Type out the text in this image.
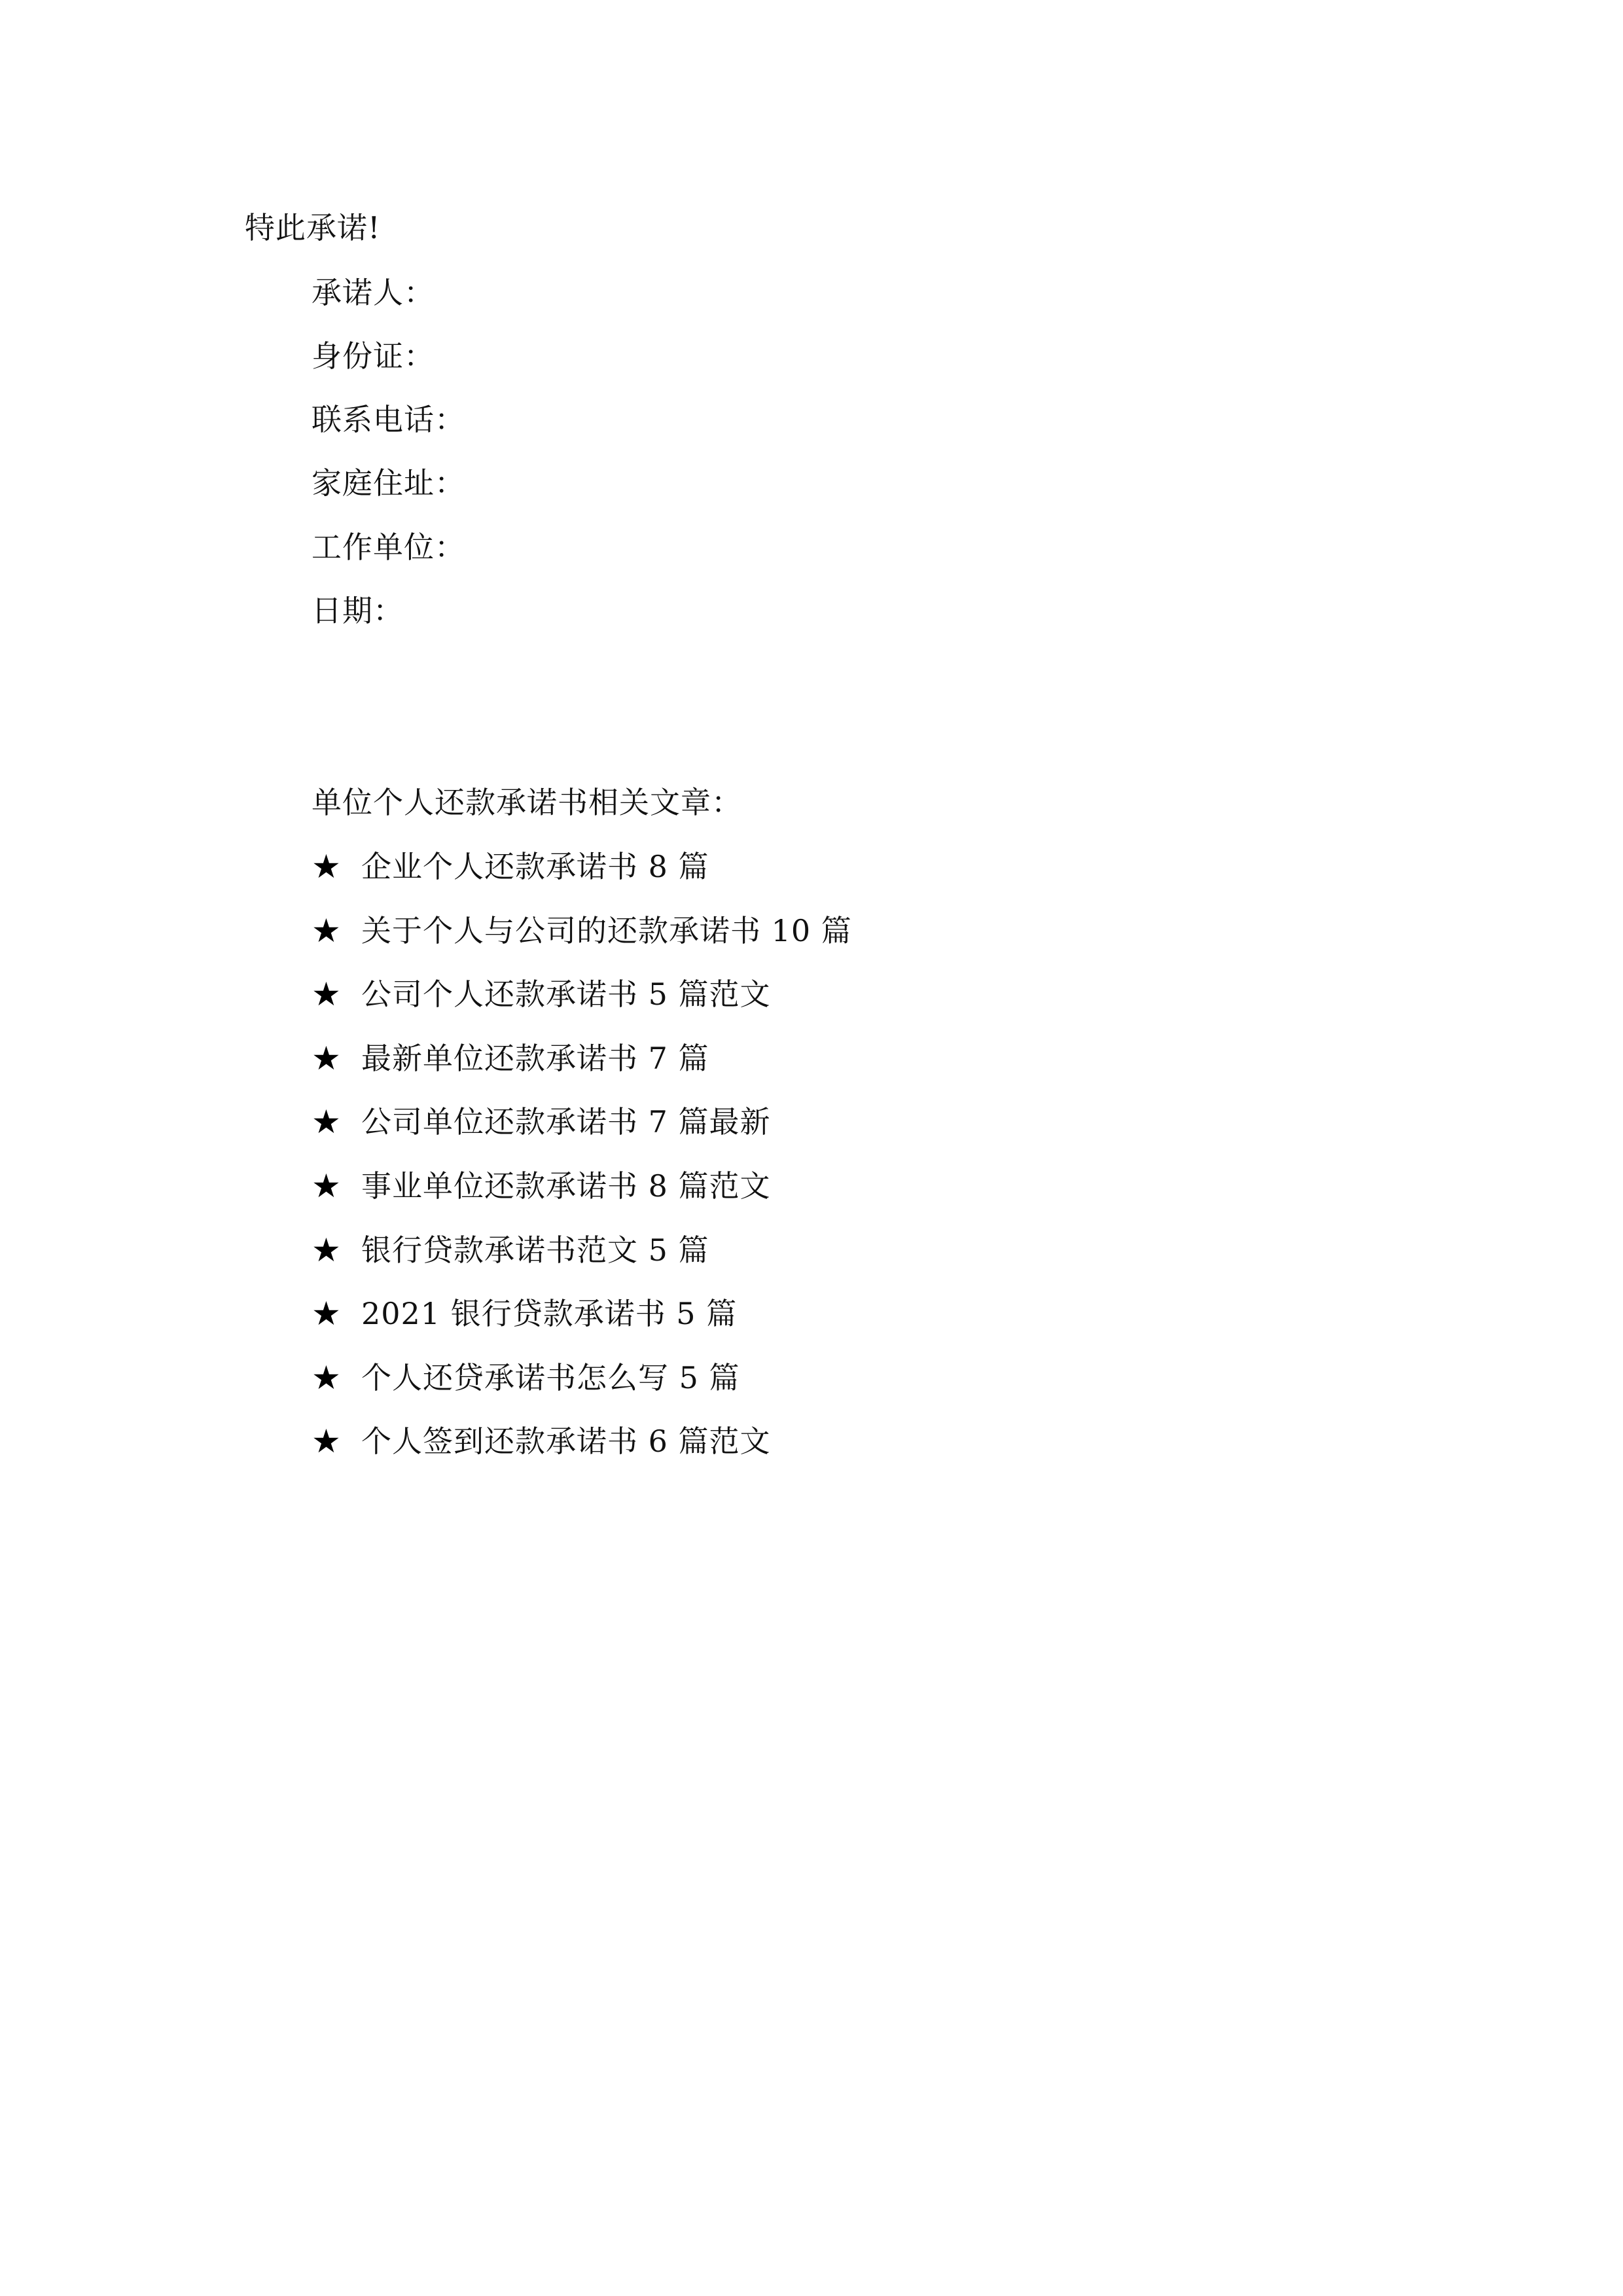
特此承诺!
承诺人：
身份证：
联系电话：
家庭住址：
工作单位：
日期：
单位个人还款承诺书相关文章：
★ 企业个人还款承诺书 8 篇
★ 关于个人与公司的还款承诺书 10 篇
★ 公司个人还款承诺书 5 篇范文
★ 最新单位还款承诺书 7 篇
★ 公司单位还款承诺书 7 篇最新
★ 事业单位还款承诺书 8 篇范文
★ 银行贷款承诺书范文 5 篇
★ 2021 银行贷款承诺书 5 篇
★ 个人还贷承诺书怎么写 5 篇
★ 个人签到还款承诺书 6 篇范文
